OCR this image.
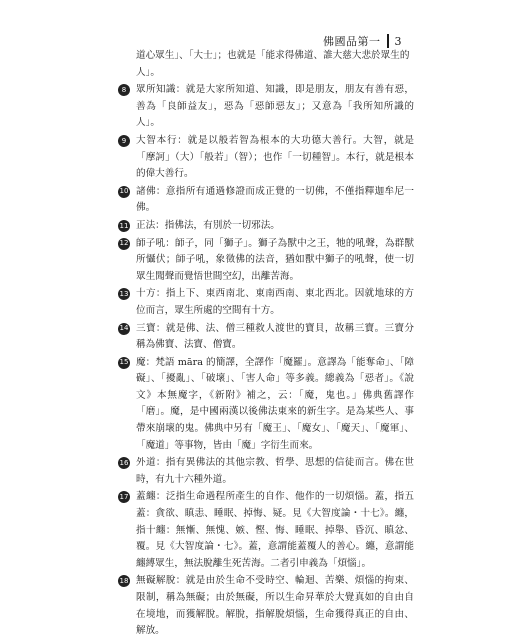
佛國品第一 3

道心眾生」、「大士」；也就是「能求得佛道、誰大慈大悲於眾生的人」。

8	眾所知識：就是大家所知道、知識，即是朋友，朋友有善有惡，善為「良師益友」，惡為「惡師惡友」；又意為「我所知所識的人」。

9	大智本行：就是以般若智為根本的大功德大善行。大智，就是「摩訶」（大）「般若」（智）；也作「一切種智」。本行，就是根本的偉大善行。

10 諸佛：意指所有通過修證而成正覺的一切佛，不僅指釋迦牟尼一佛。

11 正法：指佛法，有別於一切邪法。

12 師子吼：師子，同「獅子」。獅子為獸中之王，牠的吼聲，為群獸所懾伏；師子吼，象徵佛的法音，猶如獸中獅子的吼聲，使一切眾生聞聲而覺悟世間空幻，出離苦海。

13 十方：指上下、東西南北、東南西南、東北西北。因就地球的方位而言，眾生所處的空間有十方。

14 三寶：就是佛、法、僧三種救人渡世的寶貝，故稱三寶。三寶分稱為佛寶、法寶、僧寶。

15 魔：梵語 māra 的簡譯，全譯作「魔羅」。意譯為「能奪命」、「障礙」、「擾亂」、「破壞」、「害人命」等多義。總義為「惡者」。《說文》本無魔字，《新附》補之，云：「魔，鬼也。」佛典舊譯作「磨」。魔，是中國兩漢以後佛法東來的新生字。是為某些人、事帶來崩壞的鬼。佛典中另有「魔王」、「魔女」、「魔天」、「魔軍」、「魔道」等事物，皆由「魔」字衍生而來。

16 外道：指有異佛法的其他宗教、哲學、思想的信徒而言。佛在世時，有九十六種外道。

17 蓋纏：泛指生命過程所產生的自作、他作的一切煩惱。蓋，指五蓋：貪欲、瞋恚、睡眠、掉悔、疑。見《大智度論・十七》。纏，指十纏：無慚、無愧、嫉、慳、悔、睡眠、掉舉、昏沉、瞋忿、覆。見《大智度論・七》。蓋，意謂能蓋覆人的善心。纏，意謂能纏縛眾生，無法脫離生死苦海。二者引申義為「煩惱」。

18 無礙解脫：就是由於生命不受時空、輪迴、苦樂、煩惱的拘束、限制，稱為無礙；由於無礙，所以生命昇華於大覺真如的自由自在境地，而獲解脫。解脫，指解脫煩惱，生命獲得真正的自由、解放。
